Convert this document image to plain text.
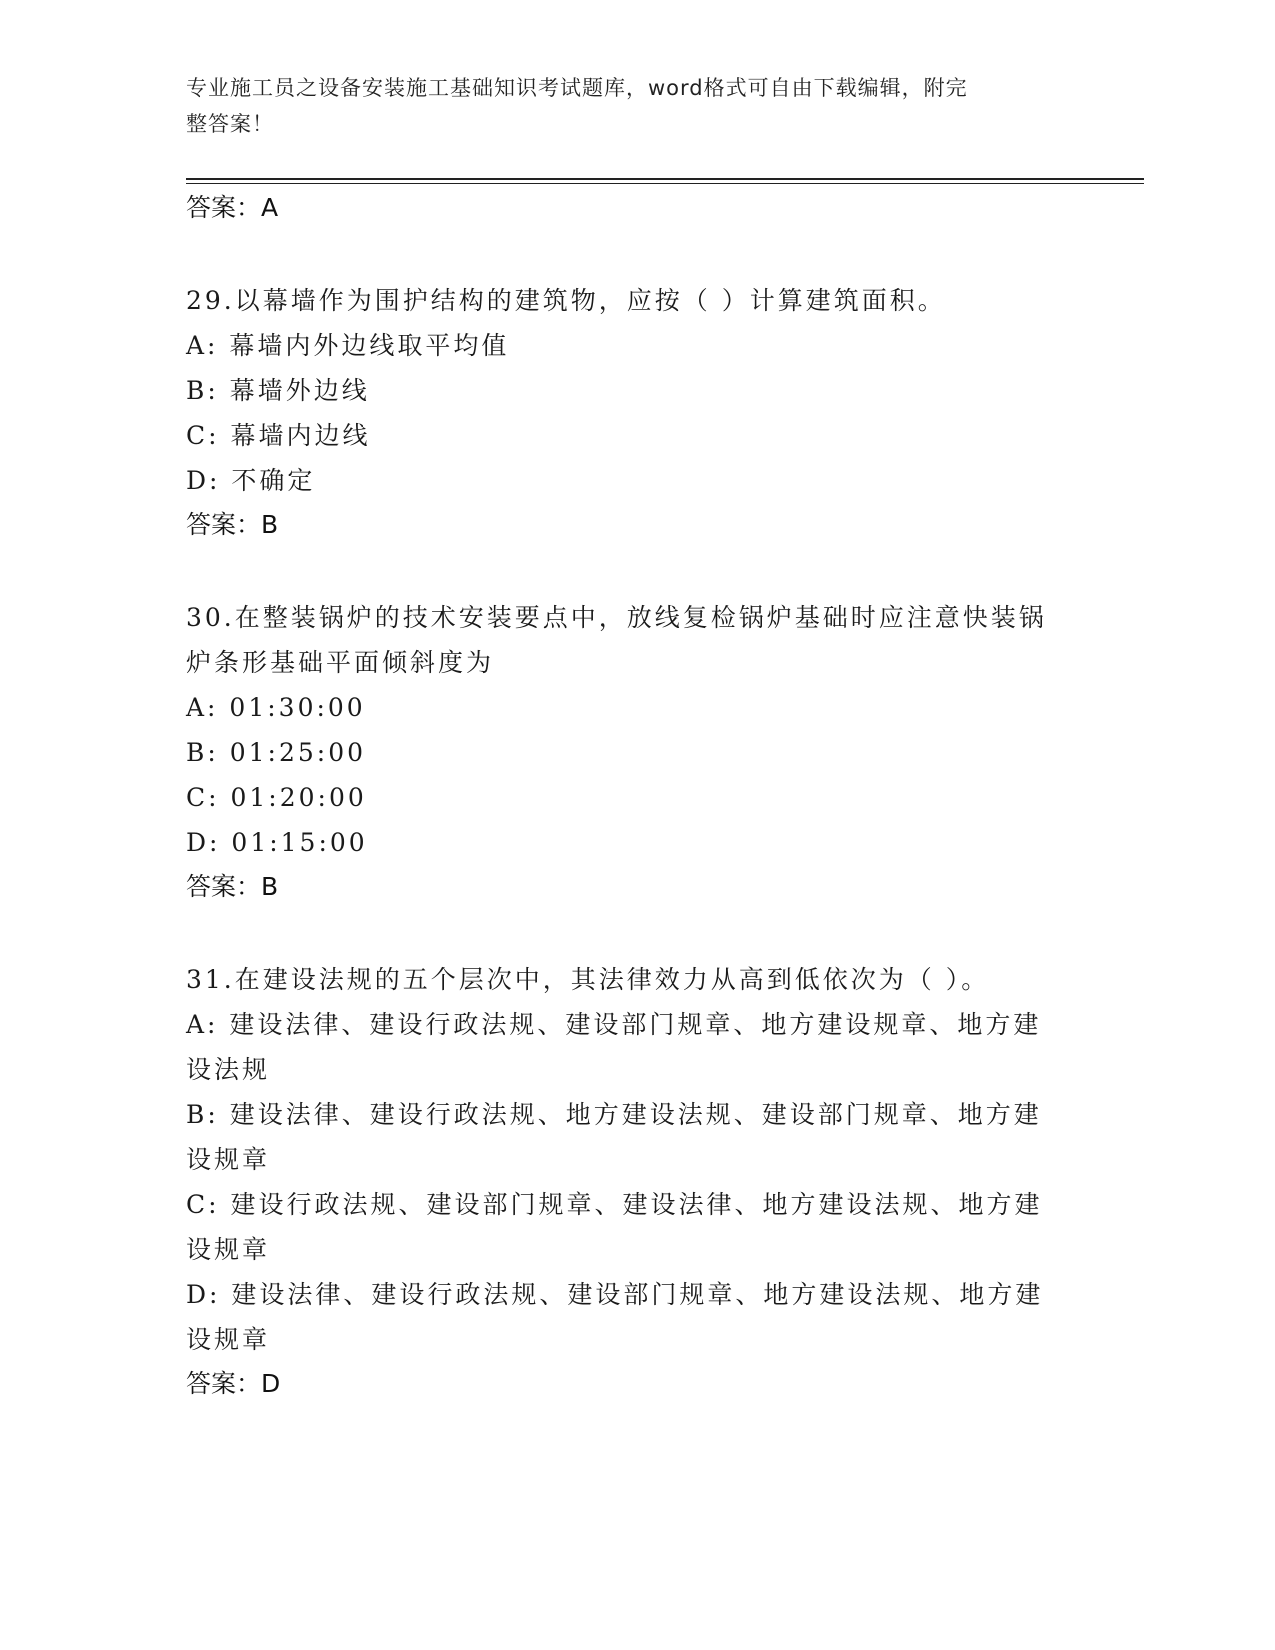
专业施工员之设备安装施工基础知识考试题库，word格式可自由下载编辑，附完
整答案！

答案：A

29.以幕墙作为围护结构的建筑物，应按（ ）计算建筑面积。

A: 幕墙内外边线取平均值

B: 幕墙外边线

C: 幕墙内边线

D: 不确定

答案：B

30.在整装锅炉的技术安装要点中，放线复检锅炉基础时应注意快装锅

炉条形基础平面倾斜度为

A: 01:30:00

B: 01:25:00

C: 01:20:00

D: 01:15:00

答案：B

31.在建设法规的五个层次中，其法律效力从高到低依次为（ ）。

A: 建设法律、建设行政法规、建设部门规章、地方建设规章、地方建

设法规

B: 建设法律、建设行政法规、地方建设法规、建设部门规章、地方建

设规章

C: 建设行政法规、建设部门规章、建设法律、地方建设法规、地方建

设规章

D: 建设法律、建设行政法规、建设部门规章、地方建设法规、地方建

设规章

答案：D
